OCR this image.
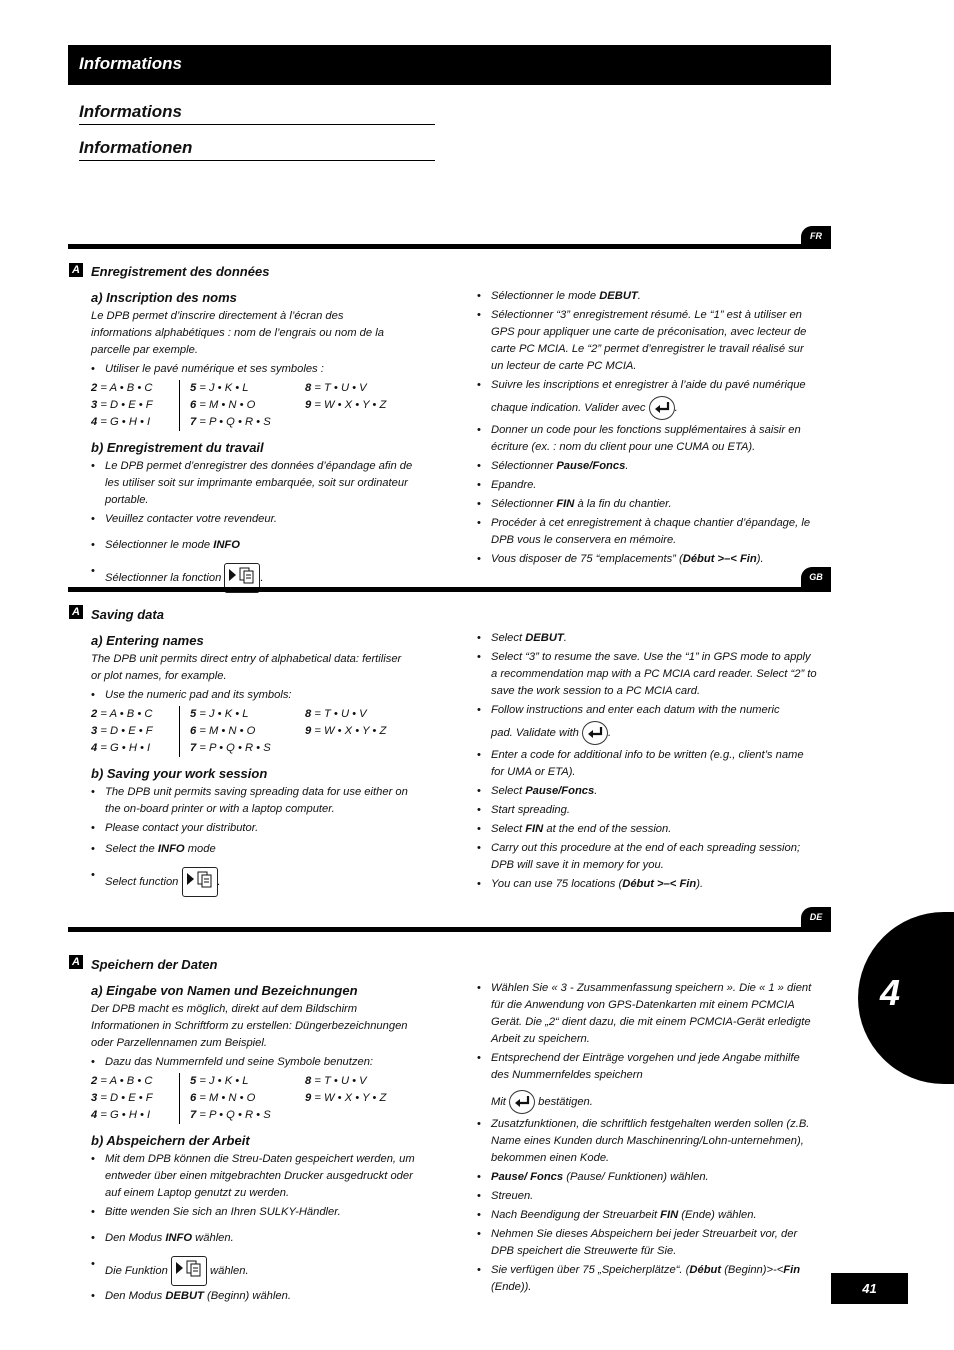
Informations
Informations
Informationen
FR
A Enregistrement des données
a) Inscription des noms

Le DPB permet d’inscrire directement à l’écran des informations alphabétiques : nom de l’engrais ou nom de la parcelle par exemple.

• Utiliser le pavé numérique et ses symboles :
2 = A • B • C	5 = J • K • L	8 = T • U • V
3 = D • E • F	6 = M • N • O	9 = W • X • Y • Z
4 = G • H • I	7 = P • Q • R • S
b) Enregistrement du travail
• Le DPB permet d’enregistrer des données d’épandage afin de les utiliser soit sur imprimante embarquée, soit sur ordinateur portable.
• Veuillez contacter votre revendeur.
• Sélectionner le mode INFO
• Sélectionner la fonction	.
• Sélectionner le mode DEBUT.
• Sélectionner “3” enregistrement résumé. Le “1” est à utiliser en GPS pour appliquer une carte de préconisation, avec lecteur de carte PC MCIA. Le “2” permet d’enregistrer le travail réalisé sur un lecteur de carte PC MCIA.
• Suivre les inscriptions et enregistrer à l’aide du pavé numérique
chaque indication. Valider avec	.
• Donner un code pour les fonctions supplémentaires à saisir en écriture (ex. : nom du client pour une CUMA ou ETA).
• Sélectionner Pause/Foncs.
• Epandre.
• Sélectionner FIN à la fin du chantier.
• Procéder à cet enregistrement à chaque chantier d’épandage, le DPB vous le conservera en mémoire.
• Vous disposer de 75 “emplacements” (Début >–< Fin).
GB
A Saving data
a) Entering names

The DPB unit permits direct entry of alphabetical data: fertiliser or plot names, for example.

• Use the numeric pad and its symbols:
2 = A • B • C	5 = J • K • L	8 = T • U • V
3 = D • E • F	6 = M • N • O	9 = W • X • Y • Z
4 = G • H • I	7 = P • Q • R • S
b) Saving your work session
• The DPB unit permits saving spreading data for use either on the on-board printer or with a laptop computer.
• Please contact your distributor.
• Select the INFO mode
• Select function	.
• Select DEBUT.
• Select “3” to resume the save. Use the “1” in GPS mode to apply a recommendation map with a PC MCIA card reader. Select “2” to save the work session to a PC MCIA card.
• Follow instructions and enter each datum with the numeric
pad. Validate with	.
• Enter a code for additional info to be written (e.g., client’s name for UMA or ETA).
• Select Pause/Foncs.
• Start spreading.
• Select FIN at the end of the session.
• Carry out this procedure at the end of each spreading session; DPB will save it in memory for you.
• You can use 75 locations (Début >–< Fin).
DE
A Speichern der Daten
a) Eingabe von Namen und Bezeichnungen

Der DPB macht es möglich, direkt auf dem Bildschirm Informationen in Schriftform zu erstellen: Düngerbezeichnungen oder Parzellennamen zum Beispiel.

• Dazu das Nummernfeld und seine Symbole benutzen:
2 = A • B • C	5 = J • K • L	8 = T • U • V
3 = D • E • F	6 = M • N • O	9 = W • X • Y • Z
4 = G • H • I	7 = P • Q • R • S
b) Abspeichern der Arbeit
• Mit dem DPB können die Streu-Daten gespeichert werden, um entweder über einen mitgebrachten Drucker ausgedruckt oder auf einem Laptop genutzt zu werden.
• Bitte wenden Sie sich an Ihren SULKY-Händler.
• Den Modus INFO wählen.
• Die Funktion	wählen.
• Den Modus DEBUT (Beginn) wählen.
• Wählen Sie « 3 - Zusammenfassung speichern ». Die « 1 » dient für die Anwendung von GPS-Datenkarten mit einem PCMCIA Gerät. Die „2“ dient dazu, die mit einem PCMCIA-Gerät erledigte Arbeit zu speichern.
• Entsprechend der Einträge vorgehen und jede Angabe mithilfe des Nummernfeldes speichern
Mit	bestätigen.
• Zusatzfunktionen, die schriftlich festgehalten werden sollen (z.B. Name eines Kunden durch Maschinenring/Lohn-unternehmen), bekommen einen Kode.
• Pause/ Foncs (Pause/ Funktionen) wählen.
• Streuen.
• Nach Beendigung der Streuarbeit FIN (Ende) wählen.
• Nehmen Sie dieses Abspeichern bei jeder Streuarbeit vor, der DPB speichert die Streuwerte für Sie.
• Sie verfügen über 75 „Speicherplätze“. (Début (Beginn)>-<Fin (Ende)).
4
41
